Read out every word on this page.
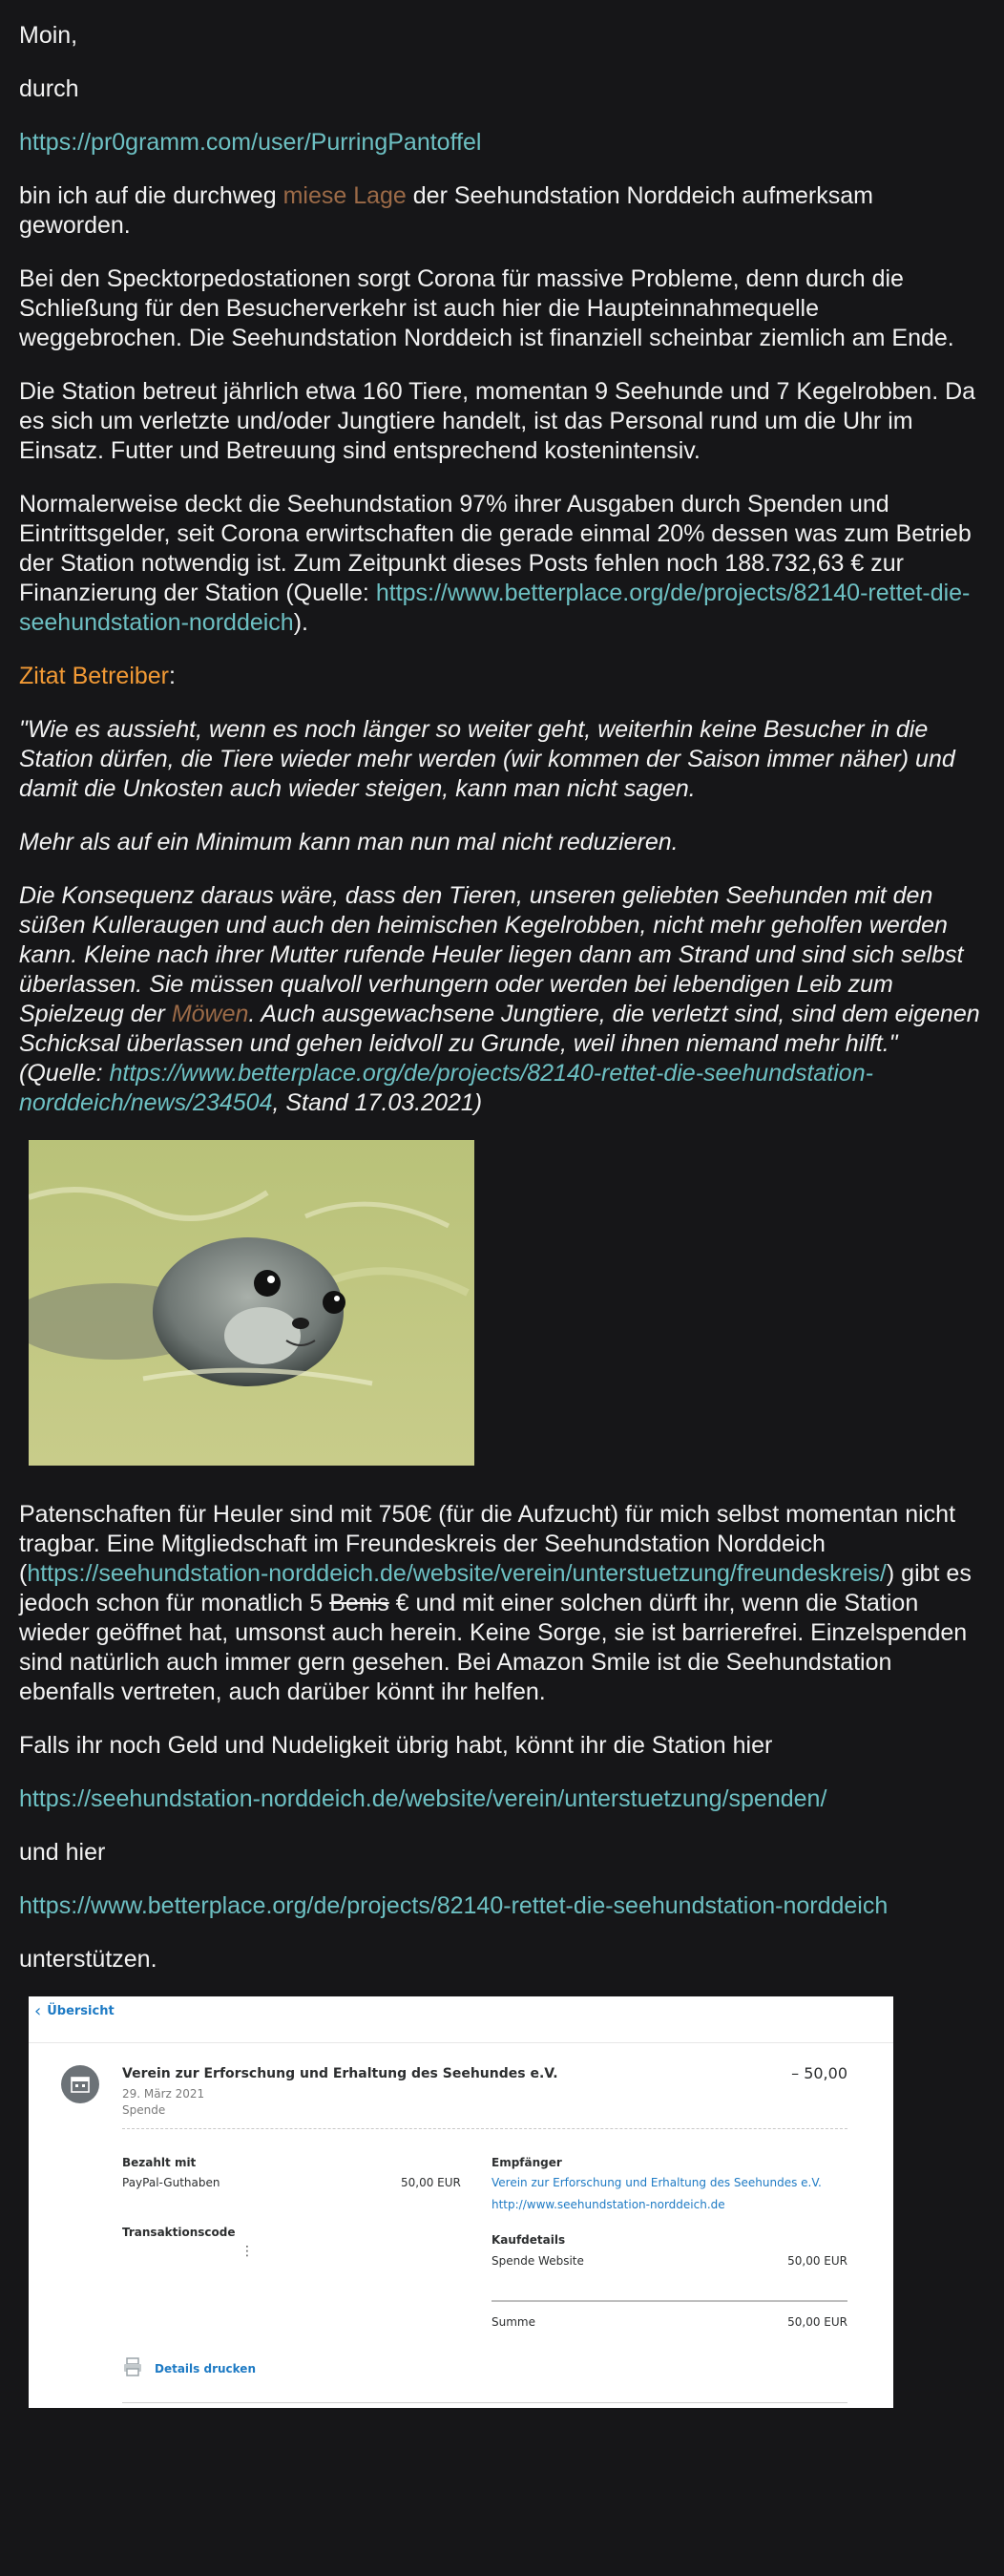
Moin,

durch

https://pr0gramm.com/user/PurringPantoffel

bin ich auf die durchweg miese Lage der Seehundstation Norddeich aufmerksam geworden.

Bei den Specktorpedostationen sorgt Corona für massive Probleme, denn durch die Schließung für den Besucherverkehr ist auch hier die Haupteinnahmequelle weggebrochen. Die Seehundstation Norddeich ist finanziell scheinbar ziemlich am Ende.

Die Station betreut jährlich etwa 160 Tiere, momentan 9 Seehunde und 7 Kegelrobben. Da es sich um verletzte und/oder Jungtiere handelt, ist das Personal rund um die Uhr im Einsatz. Futter und Betreuung sind entsprechend kostenintensiv.

Normalerweise deckt die Seehundstation 97% ihrer Ausgaben durch Spenden und Eintrittsgelder, seit Corona erwirtschaften die gerade einmal 20% dessen was zum Betrieb der Station notwendig ist. Zum Zeitpunkt dieses Posts fehlen noch 188.732,63 € zur Finanzierung der Station (Quelle: https://www.betterplace.org/de/projects/82140-rettet-die-seehundstation-norddeich).

Zitat Betreiber:

"Wie es aussieht, wenn es noch länger so weiter geht, weiterhin keine Besucher in die Station dürfen, die Tiere wieder mehr werden (wir kommen der Saison immer näher) und damit die Unkosten auch wieder steigen, kann man nicht sagen.

Mehr als auf ein Minimum kann man nun mal nicht reduzieren.

Die Konsequenz daraus wäre, dass den Tieren, unseren geliebten Seehunden mit den süßen Kulleraugen und auch den heimischen Kegelrobben, nicht mehr geholfen werden kann. Kleine nach ihrer Mutter rufende Heuler liegen dann am Strand und sind sich selbst überlassen. Sie müssen qualvoll verhungern oder werden bei lebendigen Leib zum Spielzeug der Möwen. Auch ausgewachsene Jungtiere, die verletzt sind, sind dem eigenen Schicksal überlassen und gehen leidvoll zu Grunde, weil ihnen niemand mehr hilft." (Quelle: https://www.betterplace.org/de/projects/82140-rettet-die-seehundstation-norddeich/news/234504, Stand 17.03.2021)

Patenschaften für Heuler sind mit 750€ (für die Aufzucht) für mich selbst momentan nicht tragbar. Eine Mitgliedschaft im Freundeskreis der Seehundstation Norddeich (https://seehundstation-norddeich.de/website/verein/unterstuetzung/freundeskreis/) gibt es jedoch schon für monatlich 5 Benis € und mit einer solchen dürft ihr, wenn die Station wieder geöffnet hat, umsonst auch herein. Keine Sorge, sie ist barrierefrei. Einzelspenden sind natürlich auch immer gern gesehen. Bei Amazon Smile ist die Seehundstation ebenfalls vertreten, auch darüber könnt ihr helfen.

Falls ihr noch Geld und Nudeligkeit übrig habt, könnt ihr die Station hier

https://seehundstation-norddeich.de/website/verein/unterstuetzung/spenden/

und hier

https://www.betterplace.org/de/projects/82140-rettet-die-seehundstation-norddeich

unterstützen.

‹ Übersicht
Verein zur Erforschung und Erhaltung des Seehundes e.V.
29. März 2021
Spende
– 50,00
Bezahlt mit
PayPal-Guthaben	50,00 EUR
Transaktionscode
⋮
Empfänger
Verein zur Erforschung und Erhaltung des Seehundes e.V.
http://www.seehundstation-norddeich.de
Kaufdetails
Spende Website	50,00 EUR
Summe	50,00 EUR
Details drucken
